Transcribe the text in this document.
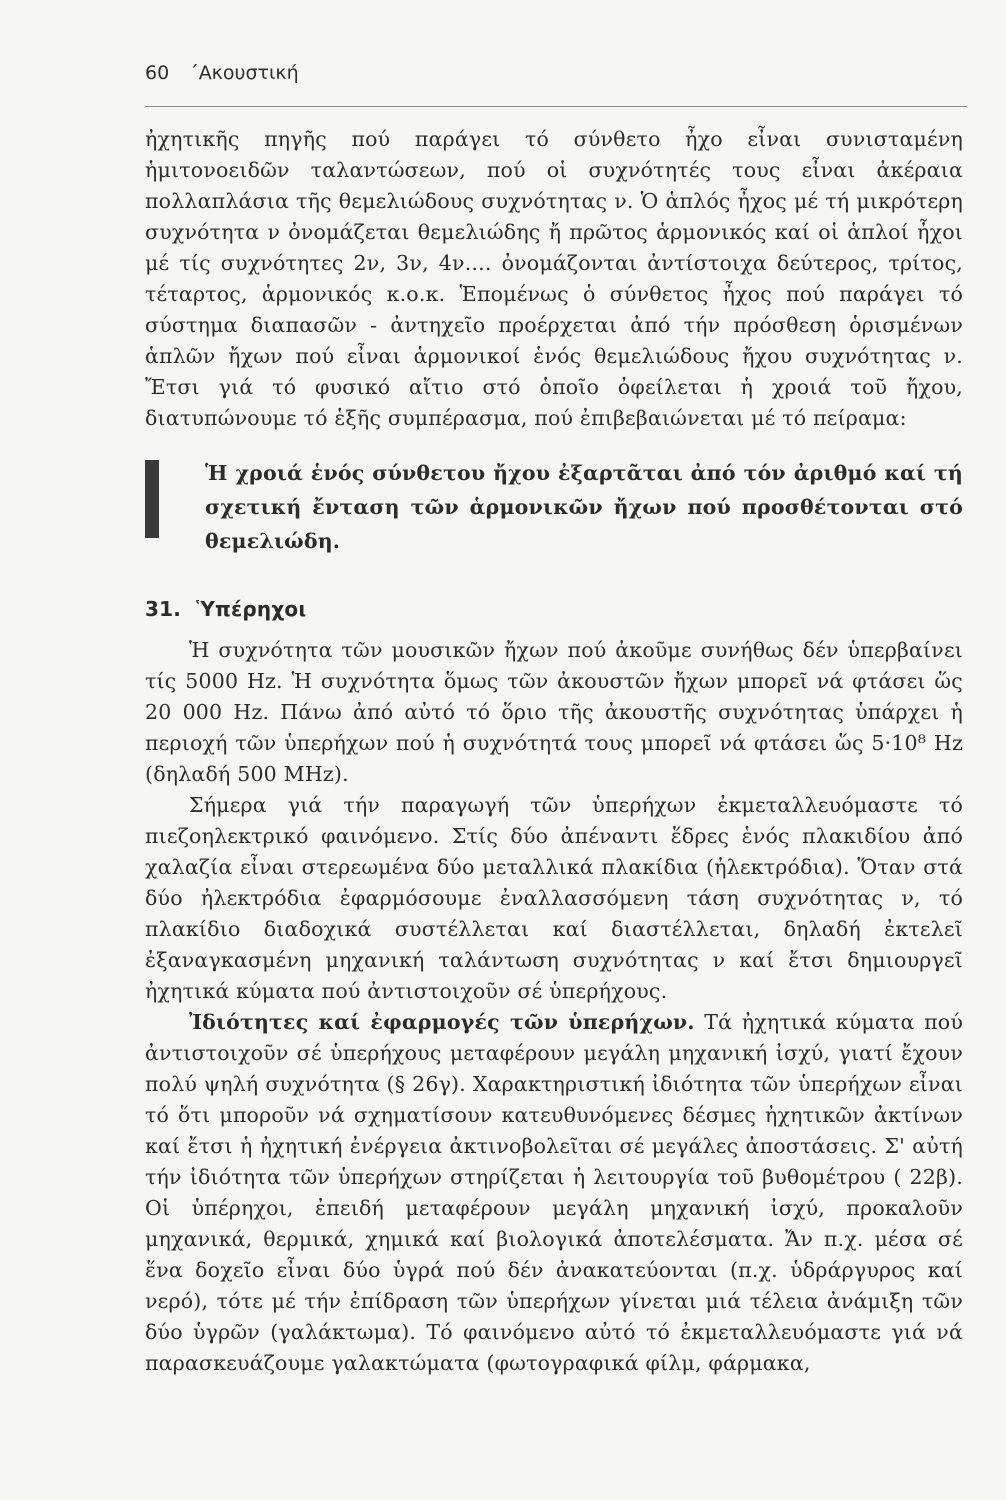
60 ΄Ακουστική

ἠχητικῆς πηγῆς πού παράγει τό σύνθετο ἦχο εἶναι συνισταμένη ἡμιτονοειδῶν ταλαντώσεων, πού οἱ συχνότητές τους εἶναι ἀκέραια πολλαπλάσια τῆς θεμελιώδους συχνότητας ν. Ὁ ἁπλός ἦχος μέ τή μικρότερη συχνότητα ν ὀνομάζεται θεμελιώδης ἤ πρῶτος ἁρμονικός καί οἱ ἁπλοί ἦχοι μέ τίς συχνότητες 2ν, 3ν, 4ν.... ὀνομάζονται ἀντίστοιχα δεύτερος, τρίτος, τέταρτος, ἁρμονικός κ.ο.κ. Ἑπομένως ὁ σύνθετος ἦχος πού παράγει τό σύστημα διαπασῶν - ἀντηχεῖο προέρχεται ἀπό τήν πρόσθεση ὁρισμένων ἁπλῶν ἤχων πού εἶναι ἁρμονικοί ἑνός θεμελιώδους ἤχου συχνότητας ν. Ἔτσι γιά τό φυσικό αἴτιο στό ὁποῖο ὀφείλεται ἡ χροιά τοῦ ἤχου, διατυπώνουμε τό ἑξῆς συμπέρασμα, πού ἐπιβεβαιώνεται μέ τό πείραμα:

Ἡ χροιά ἑνός σύνθετου ἤχου ἐξαρτᾶται ἀπό τόν ἀριθμό καί τή σχετική ἔνταση τῶν ἁρμονικῶν ἤχων πού προσθέτονται στό θεμελιώδη.
31. Ὑπέρηχοι

Ἡ συχνότητα τῶν μουσικῶν ἤχων πού ἀκοῦμε συνήθως δέν ὑπερβαίνει τίς 5000 Hz. Ἡ συχνότητα ὅμως τῶν ἀκουστῶν ἤχων μπορεῖ νά φτάσει ὥς 20 000 Hz. Πάνω ἀπό αὐτό τό ὅριο τῆς ἀκουστῆς συχνότητας ὑπάρχει ἡ περιοχή τῶν ὑπερήχων πού ἡ συχνότητά τους μπορεῖ νά φτάσει ὥς 5·10⁸ Hz (δηλαδή 500 MHz).

Σήμερα γιά τήν παραγωγή τῶν ὑπερήχων ἐκμεταλλευόμαστε τό πιεζοηλεκτρικό φαινόμενο. Στίς δύο ἀπέναντι ἕδρες ἑνός πλακιδίου ἀπό χαλαζία εἶναι στερεωμένα δύο μεταλλικά πλακίδια (ἠλεκτρόδια). Ὅταν στά δύο ἠλεκτρόδια ἐφαρμόσουμε ἐναλλασσόμενη τάση συχνότητας ν, τό πλακίδιο διαδοχικά συστέλλεται καί διαστέλλεται, δηλαδή ἐκτελεῖ ἐξαναγκασμένη μηχανική ταλάντωση συχνότητας ν καί ἔτσι δημιουργεῖ ἠχητικά κύματα πού ἀντιστοιχοῦν σέ ὑπερήχους.

Ἰδιότητες καί ἐφαρμογές τῶν ὑπερήχων. Τά ἠχητικά κύματα πού ἀντιστοιχοῦν σέ ὑπερήχους μεταφέρουν μεγάλη μηχανική ἰσχύ, γιατί ἔχουν πολύ ψηλή συχνότητα (§ 26γ). Χαρακτηριστική ἰδιότητα τῶν ὑπερήχων εἶναι τό ὅτι μποροῦν νά σχηματίσουν κατευθυνόμενες δέσμες ἠχητικῶν ἀκτίνων καί ἔτσι ἡ ἠχητική ἐνέργεια ἀκτινοβολεῖται σέ μεγάλες ἀποστάσεις. Σ' αὐτή τήν ἰδιότητα τῶν ὑπερήχων στηρίζεται ἡ λειτουργία τοῦ βυθομέτρου ( 22β). Οἱ ὑπέρηχοι, ἐπειδή μεταφέρουν μεγάλη μηχανική ἰσχύ, προκαλοῦν μηχανικά, θερμικά, χημικά καί βιολογικά ἀποτελέσματα. Ἄν π.χ. μέσα σέ ἕνα δοχεῖο εἶναι δύο ὑγρά πού δέν ἀνακατεύονται (π.χ. ὑδράργυρος καί νερό), τότε μέ τήν ἐπίδραση τῶν ὑπερήχων γίνεται μιά τέλεια ἀνάμιξη τῶν δύο ὑγρῶν (γαλάκτωμα). Τό φαινόμενο αὐτό τό ἐκμεταλλευόμαστε γιά νά παρασκευάζουμε γαλακτώματα (φωτογραφικά φίλμ, φάρμακα,
